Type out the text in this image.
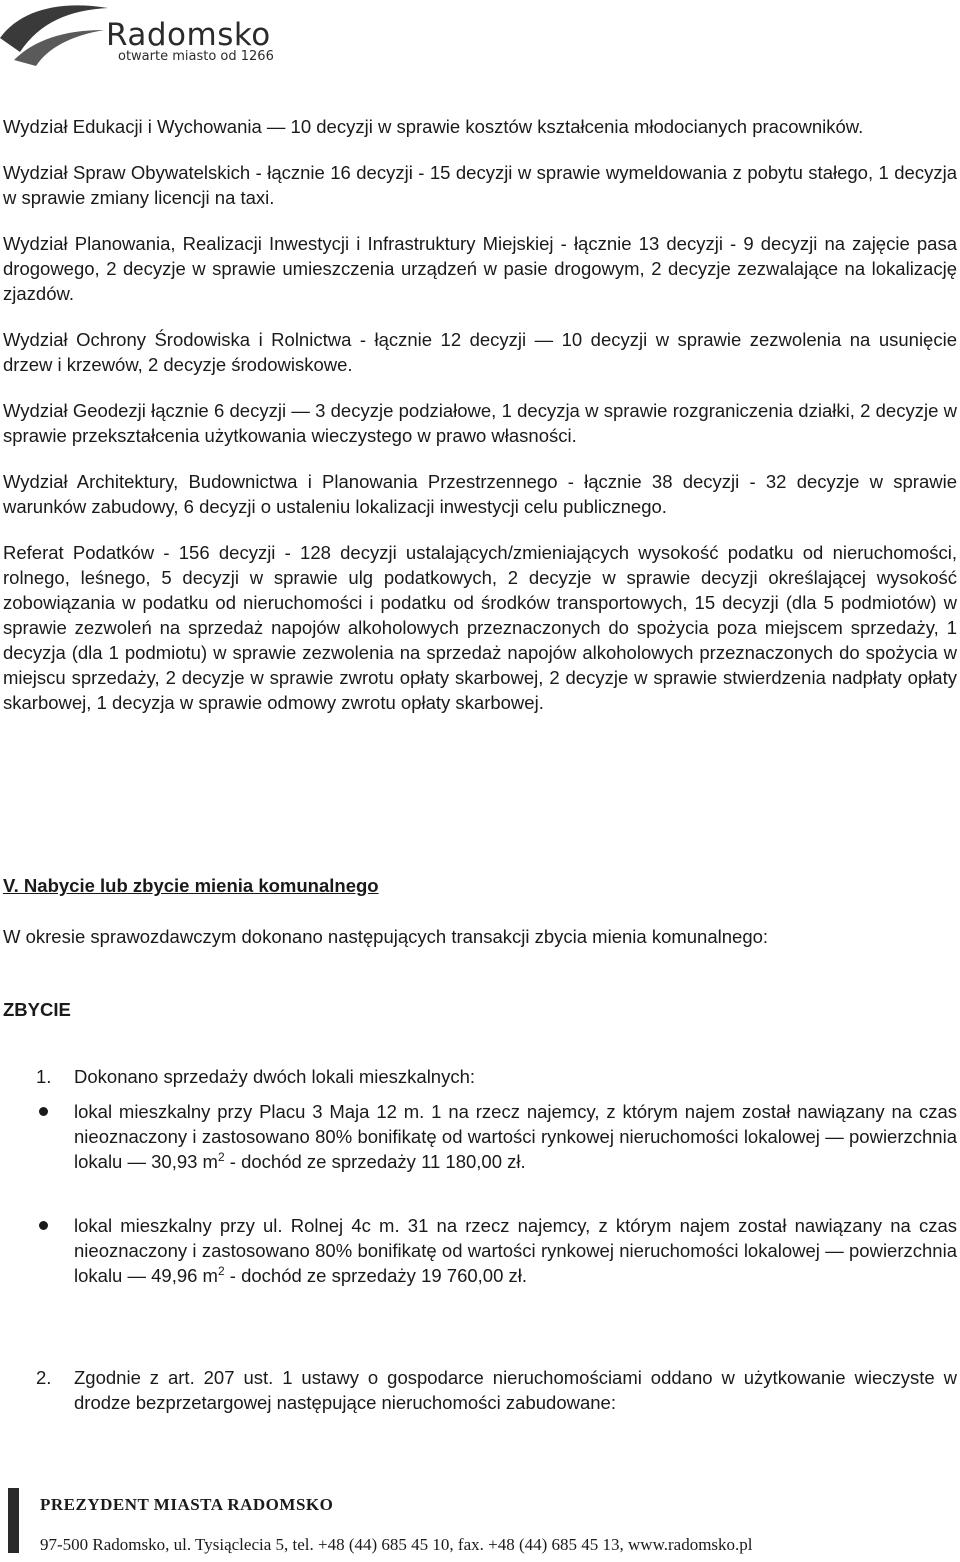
Radomsko
otwarte miasto od 1266

Wydział Edukacji i Wychowania — 10 decyzji w sprawie kosztów kształcenia młodocianych pracowników.

Wydział Spraw Obywatelskich - łącznie 16 decyzji - 15 decyzji w sprawie wymeldowania z pobytu stałego, 1 decyzja w sprawie zmiany licencji na taxi.

Wydział Planowania, Realizacji Inwestycji i Infrastruktury Miejskiej - łącznie 13 decyzji - 9 decyzji na zajęcie pasa drogowego, 2 decyzje w sprawie umieszczenia urządzeń w pasie drogowym, 2 decyzje zezwalające na lokalizację zjazdów.

Wydział Ochrony Środowiska i Rolnictwa - łącznie 12 decyzji — 10 decyzji w sprawie zezwolenia na usunięcie drzew i krzewów, 2 decyzje środowiskowe.

Wydział Geodezji łącznie 6 decyzji — 3 decyzje podziałowe, 1 decyzja w sprawie rozgraniczenia działki, 2 decyzje w sprawie przekształcenia użytkowania wieczystego w prawo własności.

Wydział Architektury, Budownictwa i Planowania Przestrzennego - łącznie 38 decyzji - 32 decyzje w sprawie warunków zabudowy, 6 decyzji o ustaleniu lokalizacji inwestycji celu publicznego.

Referat Podatków - 156 decyzji - 128 decyzji ustalających/zmieniających wysokość podatku od nieruchomości, rolnego, leśnego, 5 decyzji w sprawie ulg podatkowych, 2 decyzje w sprawie decyzji określającej wysokość zobowiązania w podatku od nieruchomości i podatku od środków transportowych, 15 decyzji (dla 5 podmiotów) w sprawie zezwoleń na sprzedaż napojów alkoholowych przeznaczonych do spożycia poza miejscem sprzedaży, 1 decyzja (dla 1 podmiotu) w sprawie zezwolenia na sprzedaż napojów alkoholowych przeznaczonych do spożycia w miejscu sprzedaży, 2 decyzje w sprawie zwrotu opłaty skarbowej, 2 decyzje w sprawie stwierdzenia nadpłaty opłaty skarbowej, 1 decyzja w sprawie odmowy zwrotu opłaty skarbowej.

V. Nabycie lub zbycie mienia komunalnego
W okresie sprawozdawczym dokonano następujących transakcji zbycia mienia komunalnego:
ZBYCIE
1. Dokonano sprzedaży dwóch lokali mieszkalnych:
lokal mieszkalny przy Placu 3 Maja 12 m. 1 na rzecz najemcy, z którym najem został nawiązany na czas nieoznaczony i zastosowano 80% bonifikatę od wartości rynkowej nieruchomości lokalowej — powierzchnia lokalu — 30,93 $m^2$ - dochód ze sprzedaży 11 180,00 zł.
lokal mieszkalny przy ul. Rolnej 4c m. 31 na rzecz najemcy, z którym najem został nawiązany na czas nieoznaczony i zastosowano 80% bonifikatę od wartości rynkowej nieruchomości lokalowej — powierzchnia lokalu — 49,96 $m^2$ - dochód ze sprzedaży 19 760,00 zł.
2. Zgodnie z art. 207 ust. 1 ustawy o gospodarce nieruchomościami oddano w użytkowanie wieczyste w drodze bezprzetargowej następujące nieruchomości zabudowane:
PREZYDENT MIASTA RADOMSKO
97-500 Radomsko, ul. Tysiąclecia 5, tel. +48 (44) 685 45 10, fax. +48 (44) 685 45 13, www.radomsko.pl
